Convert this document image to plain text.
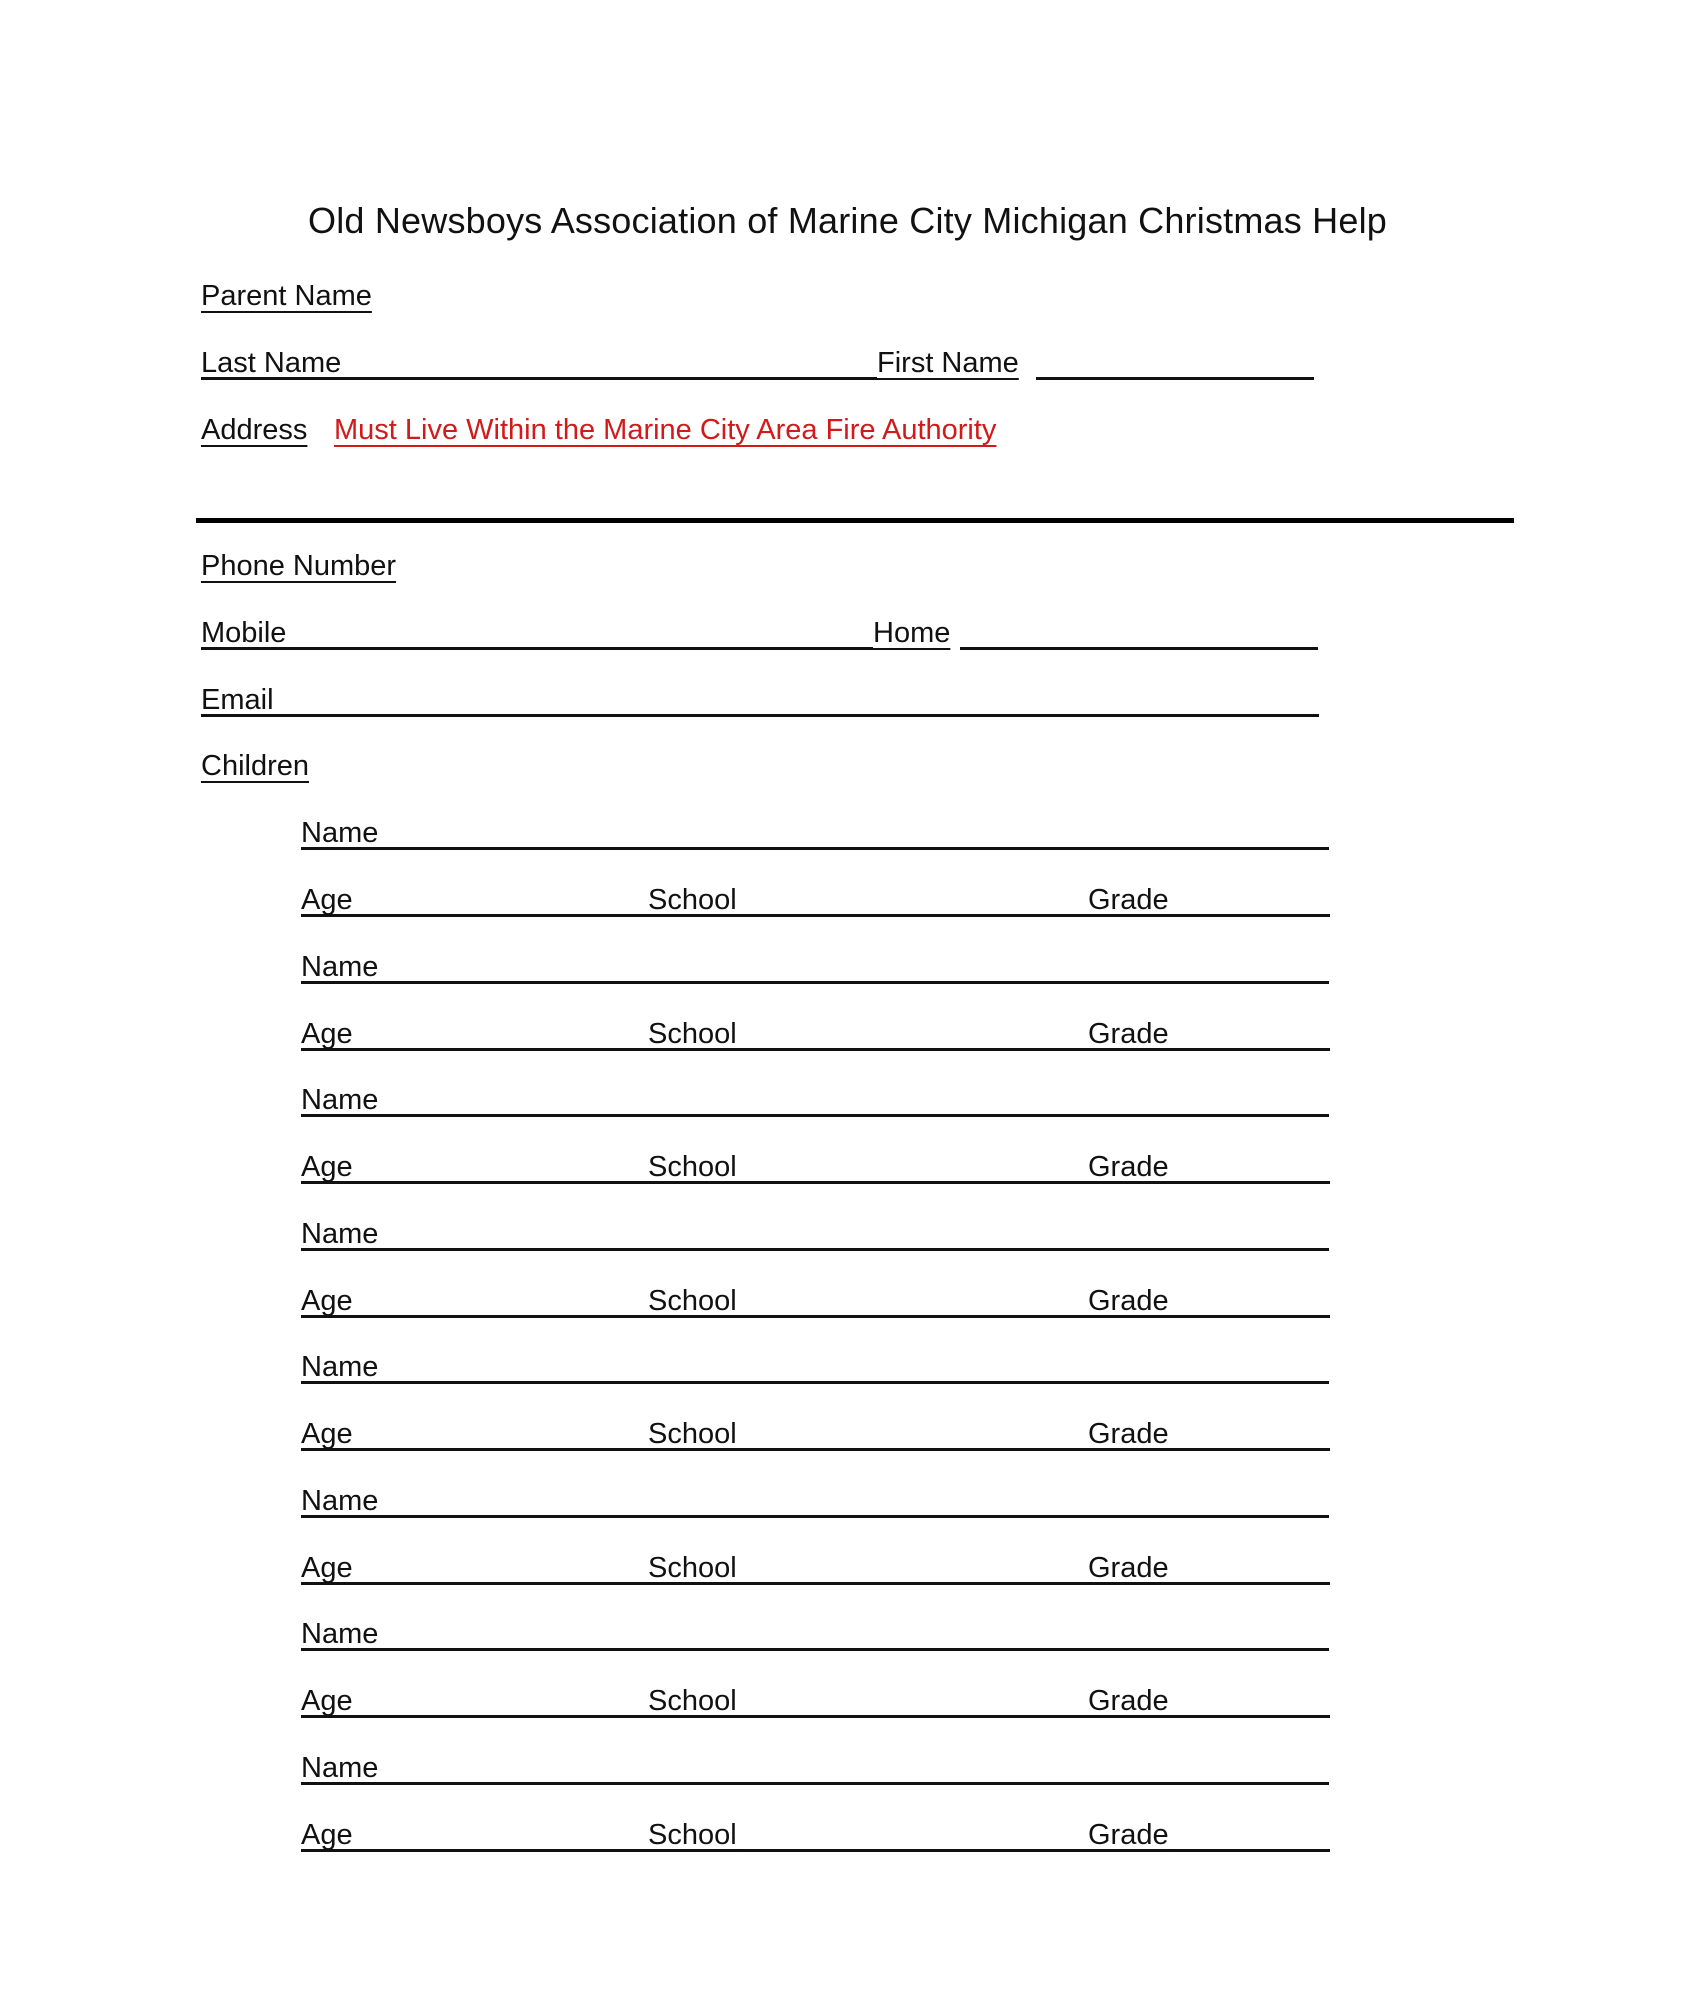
Old Newsboys Association of Marine City Michigan Christmas Help
Parent Name
Last Name	First Name
Address Must Live Within the Marine City Area Fire Authority
Phone Number
Mobile	Home
Email
Children
Name
Age	School	Grade
Name
Age	School	Grade
Name
Age	School	Grade
Name
Age	School	Grade
Name
Age	School	Grade
Name
Age	School	Grade
Name
Age	School	Grade
Name
Age	School	Grade
